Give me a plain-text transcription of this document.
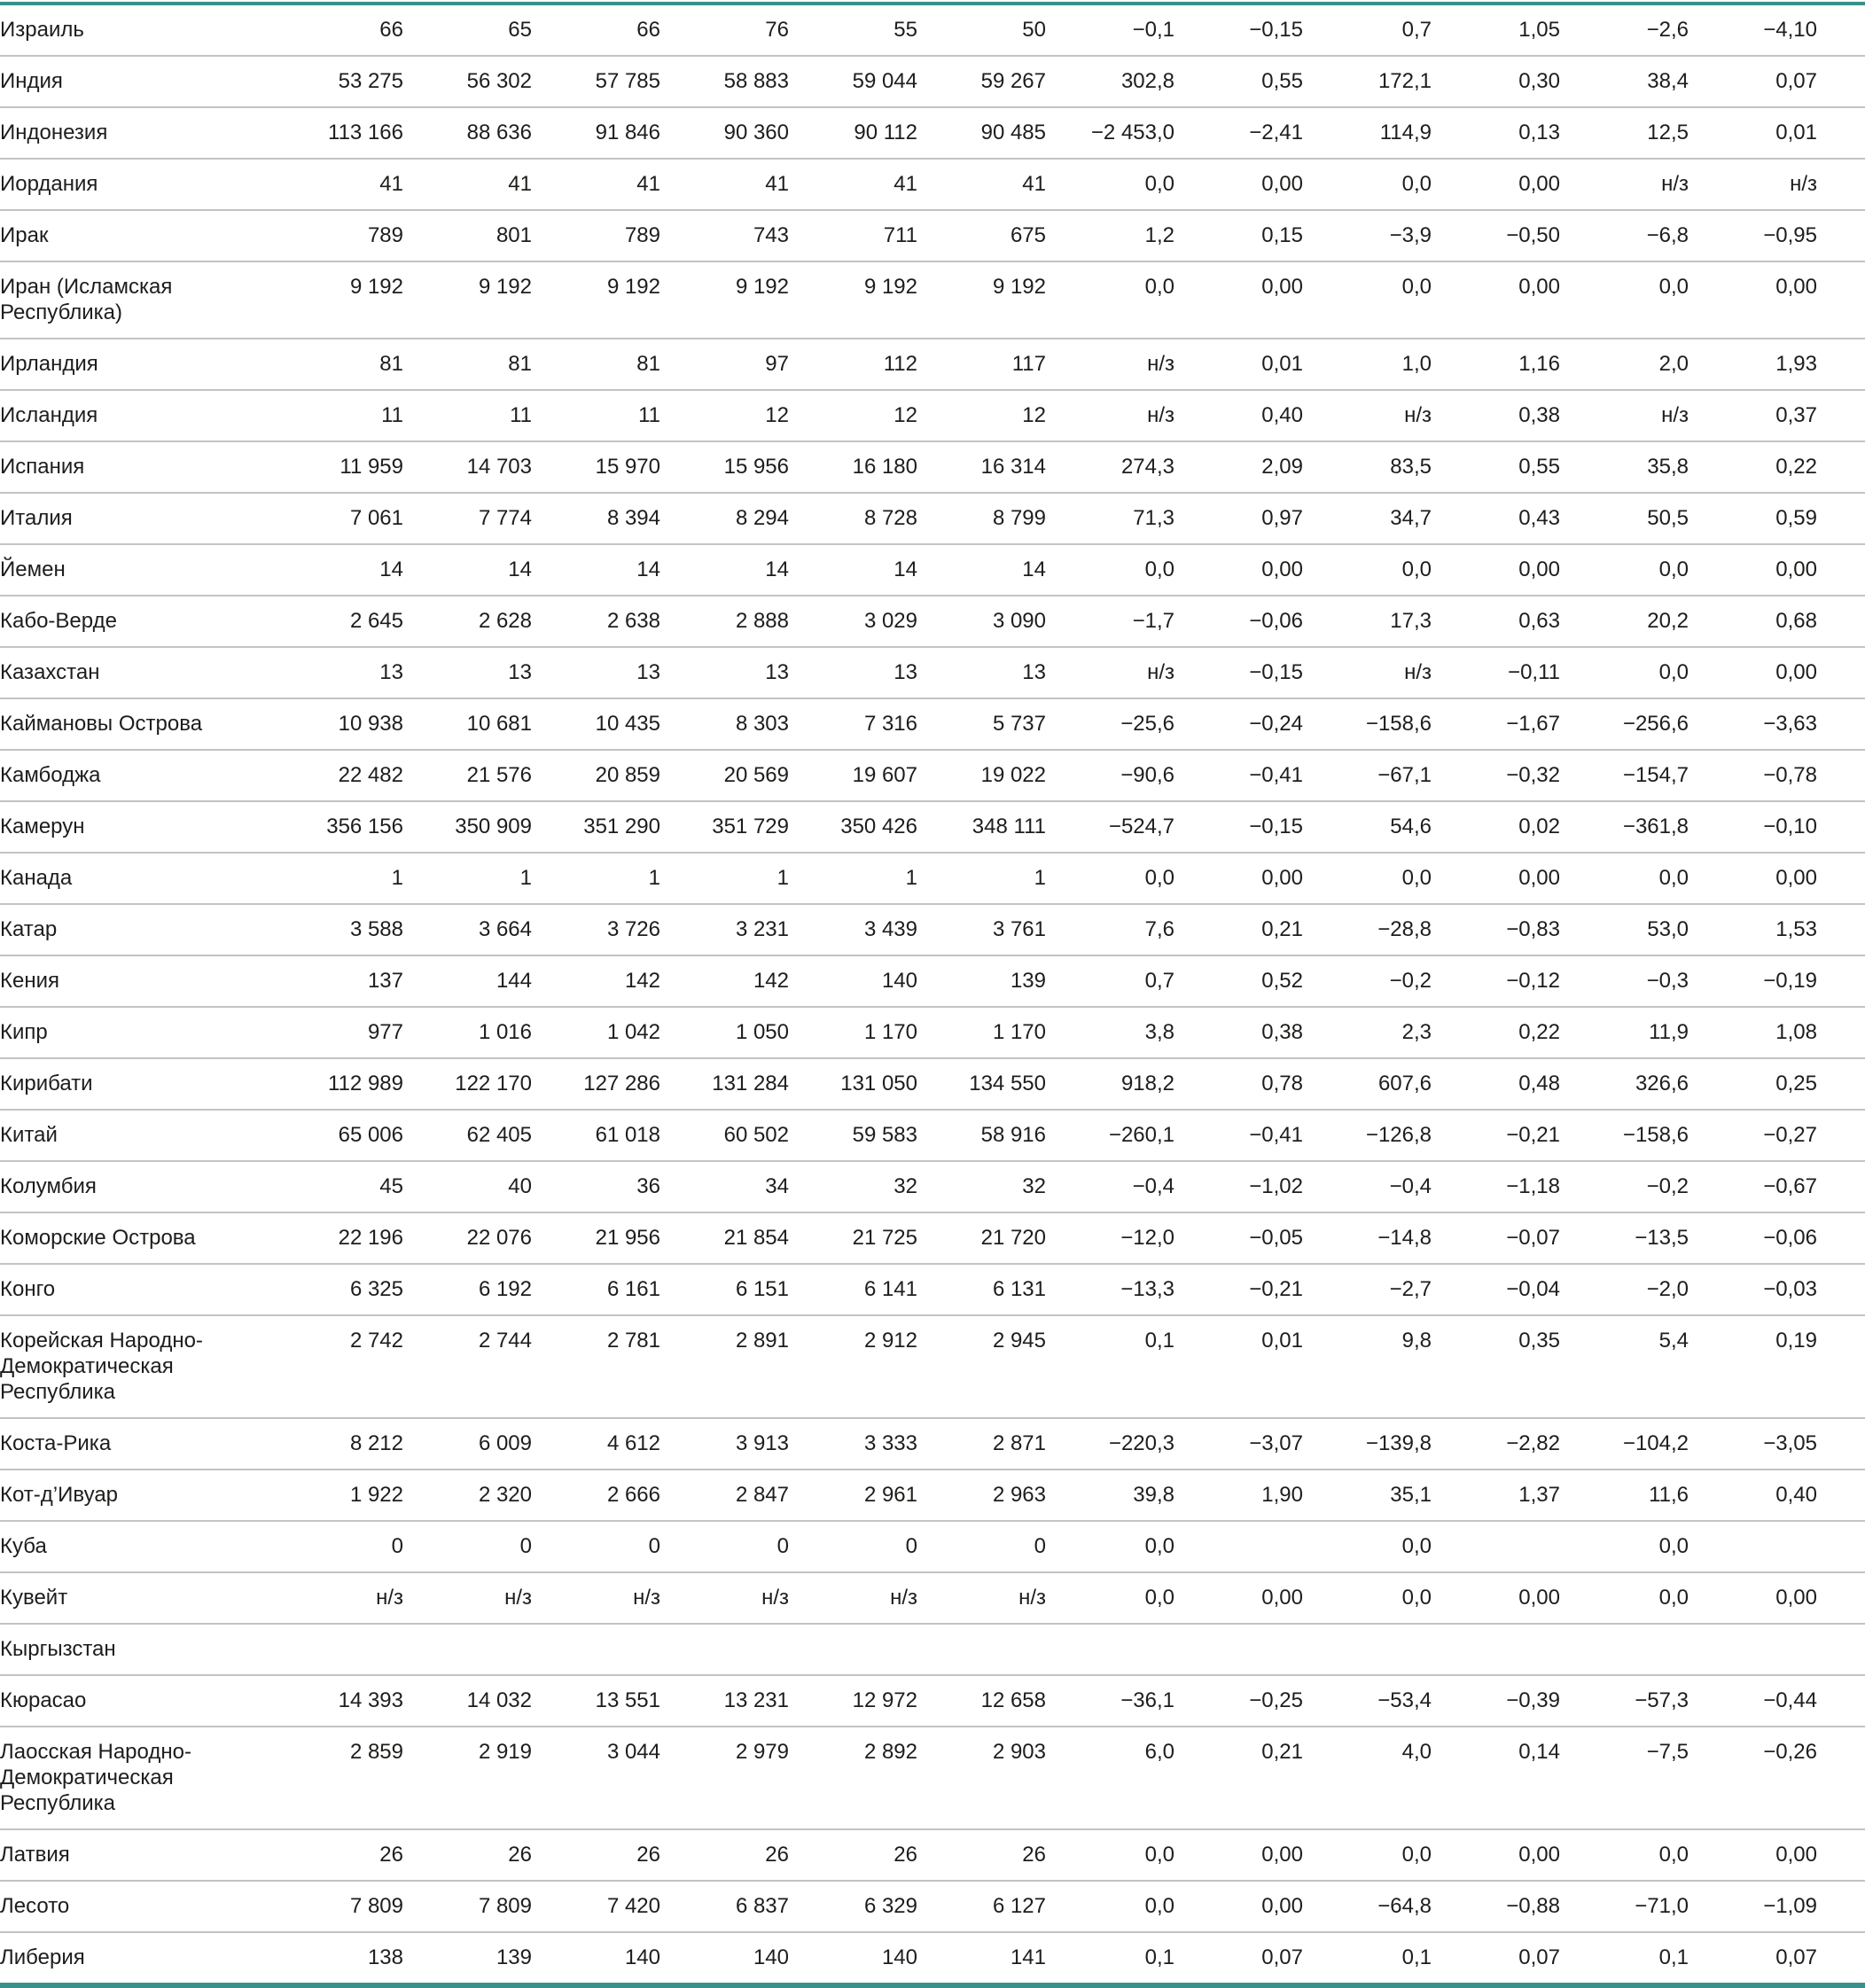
Израиль	66	65	66	76	55	50	−0,1	−0,15	0,7	1,05	−2,6	−4,10
Индия	53 275	56 302	57 785	58 883	59 044	59 267	302,8	0,55	172,1	0,30	38,4	0,07
Индонезия	113 166	88 636	91 846	90 360	90 112	90 485	−2 453,0	−2,41	114,9	0,13	12,5	0,01
Иордания	41	41	41	41	41	41	0,0	0,00	0,0	0,00	н/з	н/з
Ирак	789	801	789	743	711	675	1,2	0,15	−3,9	−0,50	−6,8	−0,95
Иран (Исламская Республика)	9 192	9 192	9 192	9 192	9 192	9 192	0,0	0,00	0,0	0,00	0,0	0,00
Ирландия	81	81	81	97	112	117	н/з	0,01	1,0	1,16	2,0	1,93
Исландия	11	11	11	12	12	12	н/з	0,40	н/з	0,38	н/з	0,37
Испания	11 959	14 703	15 970	15 956	16 180	16 314	274,3	2,09	83,5	0,55	35,8	0,22
Италия	7 061	7 774	8 394	8 294	8 728	8 799	71,3	0,97	34,7	0,43	50,5	0,59
Йемен	14	14	14	14	14	14	0,0	0,00	0,0	0,00	0,0	0,00
Кабо-Верде	2 645	2 628	2 638	2 888	3 029	3 090	−1,7	−0,06	17,3	0,63	20,2	0,68
Казахстан	13	13	13	13	13	13	н/з	−0,15	н/з	−0,11	0,0	0,00
Каймановы Острова	10 938	10 681	10 435	8 303	7 316	5 737	−25,6	−0,24	−158,6	−1,67	−256,6	−3,63
Камбоджа	22 482	21 576	20 859	20 569	19 607	19 022	−90,6	−0,41	−67,1	−0,32	−154,7	−0,78
Камерун	356 156	350 909	351 290	351 729	350 426	348 111	−524,7	−0,15	54,6	0,02	−361,8	−0,10
Канада	1	1	1	1	1	1	0,0	0,00	0,0	0,00	0,0	0,00
Катар	3 588	3 664	3 726	3 231	3 439	3 761	7,6	0,21	−28,8	−0,83	53,0	1,53
Кения	137	144	142	142	140	139	0,7	0,52	−0,2	−0,12	−0,3	−0,19
Кипр	977	1 016	1 042	1 050	1 170	1 170	3,8	0,38	2,3	0,22	11,9	1,08
Кирибати	112 989	122 170	127 286	131 284	131 050	134 550	918,2	0,78	607,6	0,48	326,6	0,25
Китай	65 006	62 405	61 018	60 502	59 583	58 916	−260,1	−0,41	−126,8	−0,21	−158,6	−0,27
Колумбия	45	40	36	34	32	32	−0,4	−1,02	−0,4	−1,18	−0,2	−0,67
Коморские Острова	22 196	22 076	21 956	21 854	21 725	21 720	−12,0	−0,05	−14,8	−0,07	−13,5	−0,06
Конго	6 325	6 192	6 161	6 151	6 141	6 131	−13,3	−0,21	−2,7	−0,04	−2,0	−0,03
Корейская Народно-Демократическая Республика	2 742	2 744	2 781	2 891	2 912	2 945	0,1	0,01	9,8	0,35	5,4	0,19
Коста-Рика	8 212	6 009	4 612	3 913	3 333	2 871	−220,3	−3,07	−139,8	−2,82	−104,2	−3,05
Кот-д’Ивуар	1 922	2 320	2 666	2 847	2 961	2 963	39,8	1,90	35,1	1,37	11,6	0,40
Куба	0	0	0	0	0	0	0,0		0,0		0,0	
Кувейт	н/з	н/з	н/з	н/з	н/з	н/з	0,0	0,00	0,0	0,00	0,0	0,00
Кыргызстан												
Кюрасао	14 393	14 032	13 551	13 231	12 972	12 658	−36,1	−0,25	−53,4	−0,39	−57,3	−0,44
Лаосская Народно-Демократическая Республика	2 859	2 919	3 044	2 979	2 892	2 903	6,0	0,21	4,0	0,14	−7,5	−0,26
Латвия	26	26	26	26	26	26	0,0	0,00	0,0	0,00	0,0	0,00
Лесото	7 809	7 809	7 420	6 837	6 329	6 127	0,0	0,00	−64,8	−0,88	−71,0	−1,09
Либерия	138	139	140	140	140	141	0,1	0,07	0,1	0,07	0,1	0,07
